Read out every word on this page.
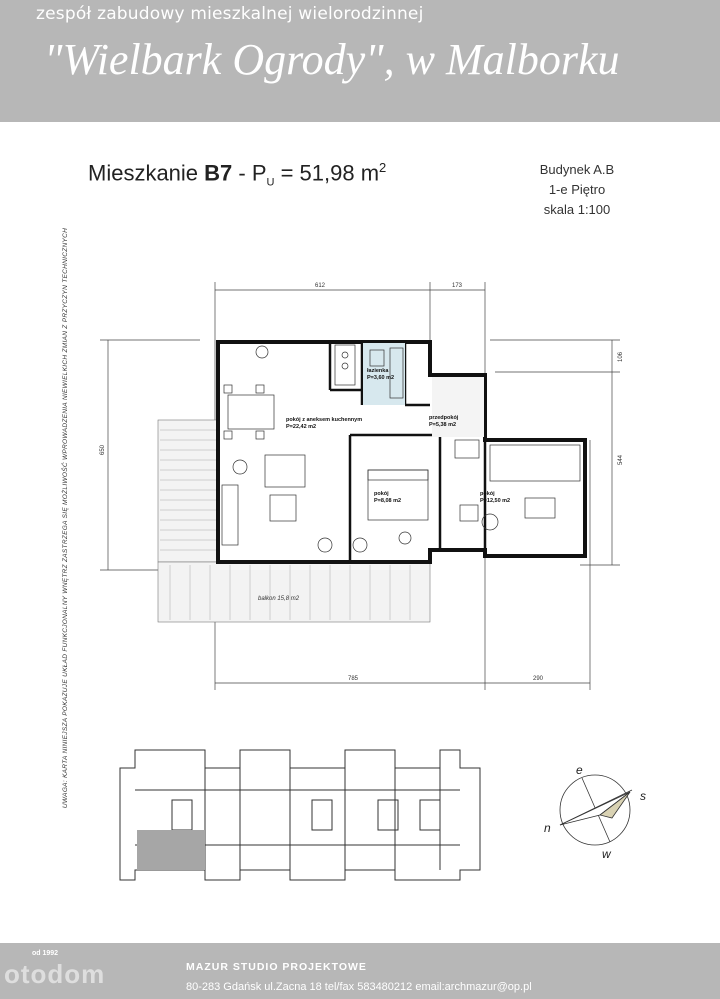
zespół zabudowy mieszkalnej wielorodzinnej
"Wielbark Ogrody", w Malborku
Mieszkanie $B7 - P_U = 51,98$ $m^2$	Budynek A.B
1-e Piętro
skala 1:100
UWAGA: KARTA NINIEJSZA POKAZUJE UKŁAD FUNKCJONALNY WNĘTRZ ZASTRZEGA SIĘ MOŻLIWOŚĆ WPROWADZENIA NIEWIELKICH ZMIAN Z PRZYCZYN TECHNICZNYCH	612	173
650
544
106
785	290
balkon 15,8 m2
łazienka
P=3,60 m2
pokój z aneksem kuchennym
P=22,42 m2
przedpokój
P=5,38 m2
pokój
P=8,08 m2
pokój
P=12,50 m2
e
s
n
w
od 1992
otodom	MAZUR STUDIO PROJEKTOWE
80-283 Gdańsk ul.Zacna 18 tel/fax 583480212 email:archmazur@op.pl
